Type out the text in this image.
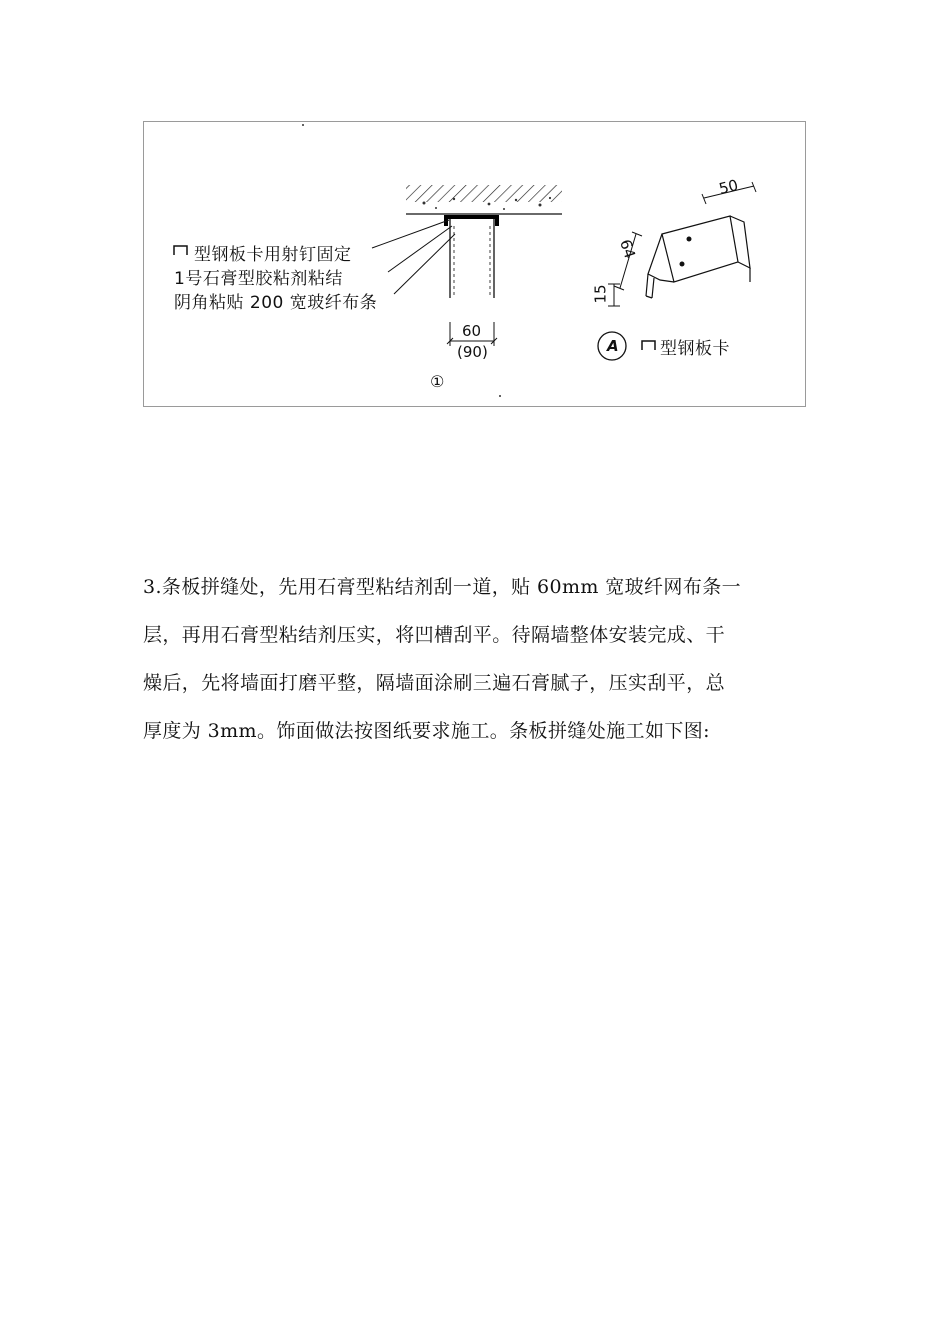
型钢板卡用射钉固定
1号石膏型胶粘剂粘结
阴角粘贴 200 宽玻纤布条
60
(90)
①
50
64
15
A 型钢板卡
3.条板拼缝处，先用石膏型粘结剂刮一道，贴 60mm 宽玻纤网布条一
层，再用石膏型粘结剂压实，将凹槽刮平。待隔墙整体安装完成、干
燥后，先将墙面打磨平整，隔墙面涂刷三遍石膏腻子，压实刮平，总
厚度为 3mm。饰面做法按图纸要求施工。条板拼缝处施工如下图:
